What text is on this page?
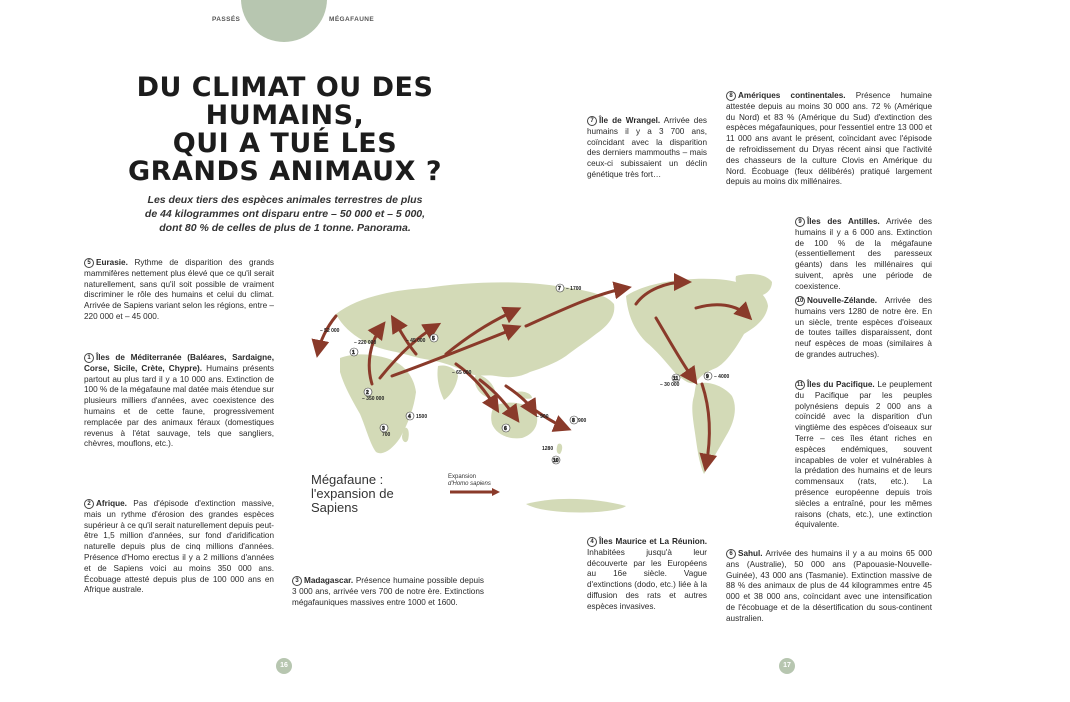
PASSÉS	MÉGAFAUNE
DU CLIMAT OU DES HUMAINS,
QUI A TUÉ LES
GRANDS ANIMAUX ?
Les deux tiers des espèces animales terrestres de plus
de 44 kilogrammes ont disparu entre – 50 000 et – 5 000,
dont 80 % de celles de plus de 1 tonne. Panorama.
5 Eurasie. Rythme de disparition des grands mammifères nettement plus élevé que ce qu'il serait naturellement, sans qu'il soit possible de vraiment discriminer le rôle des humains et celui du climat. Arrivée de Sapiens variant selon les régions, entre – 220 000 et – 45 000.
1 Îles de Méditerranée (Baléares, Sardaigne, Corse, Sicile, Crète, Chypre). Humains présents partout au plus tard il y a 10 000 ans. Extinction de 100 % de la mégafaune mal datée mais étendue sur plusieurs milliers d'années, avec coexistence des humains et de cette faune, progressivement remplacée par des animaux féraux (domestiques revenus à l'état sauvage, tels que sangliers, chèvres, mouflons, etc.).
2 Afrique. Pas d'épisode d'extinction massive, mais un rythme d'érosion des grandes espèces supérieur à ce qu'il serait naturellement depuis peut-être 1,5 million d'années, sur fond d'aridification naturelle depuis plus de cinq millions d'années. Présence d'Homo erectus il y a 2 millions d'années et de Sapiens voici au moins 350 000 ans. Écobuage attesté depuis plus de 100 000 ans en Afrique australe.
3 Madagascar. Présence humaine possible depuis 3 000 ans, arrivée vers 700 de notre ère. Extinctions mégafauniques massives entre 1000 et 1600.
7 Île de Wrangel. Arrivée des humains il y a 3 700 ans, coïncidant avec la disparition des derniers mammouths – mais ceux-ci subissaient un déclin génétique très fort…
8 Amériques continentales. Présence humaine attestée depuis au moins 30 000 ans. 72 % (Amérique du Nord) et 83 % (Amérique du Sud) d'extinction des espèces mégafauniques, pour l'essentiel entre 13 000 et 11 000 ans avant le présent, coïncidant avec l'épisode de refroidissement du Dryas récent ainsi que l'activité des chasseurs de la culture Clovis en Amérique du Nord. Écobuage (feux délibérés) pratiqué largement depuis au moins dix millénaires.
9 Îles des Antilles. Arrivée des humains il y a 6 000 ans. Extinction de 100 % de la mégafaune (essentiellement des paresseux géants) dans les millénaires qui suivent, après une période de coexistence.
10 Nouvelle-Zélande. Arrivée des humains vers 1280 de notre ère. En un siècle, trente espèces d'oiseaux de toutes tailles disparaissent, dont neuf espèces de moas (similaires à de grandes autruches).
11 Îles du Pacifique. Le peuplement du Pacifique par les peuples polynésiens depuis 2 000 ans a coïncidé avec la disparition d'un vingtième des espèces d'oiseaux sur Terre – ces îles étant riches en espèces endémiques, souvent incapables de voler et vulnérables à la prédation des humains et de leurs commensaux (rats, etc.). La présence européenne depuis trois siècles a entraîné, pour les mêmes raisons (chats, etc.), une extinction équivalente.
4 Îles Maurice et La Réunion. Inhabitées jusqu'à leur découverte par les Européens au 16e siècle. Vague d'extinctions (dodo, etc.) liée à la diffusion des rats et autres espèces invasives.
6 Sahul. Arrivée des humains il y a au moins 65 000 ans (Australie), 50 000 ans (Papouasie-Nouvelle-Guinée), 43 000 ans (Tasmanie). Extinction massive de 88 % des animaux de plus de 44 kilogrammes entre 45 000 et 38 000 ans, coïncidant avec une intensification de l'écobuage et de la désertification du sous-continent australien.
– 52 000
– 220 000	– 45 000
– 350 000
1500
700
– 65 000
– 900
900
1280
– 1700
– 30 000
– 4000
1
2
3
4
5
6
7
8
9
10
11
Mégafaune :
l'expansion de
Sapiens
Expansion
d'Homo sapiens
16	17
